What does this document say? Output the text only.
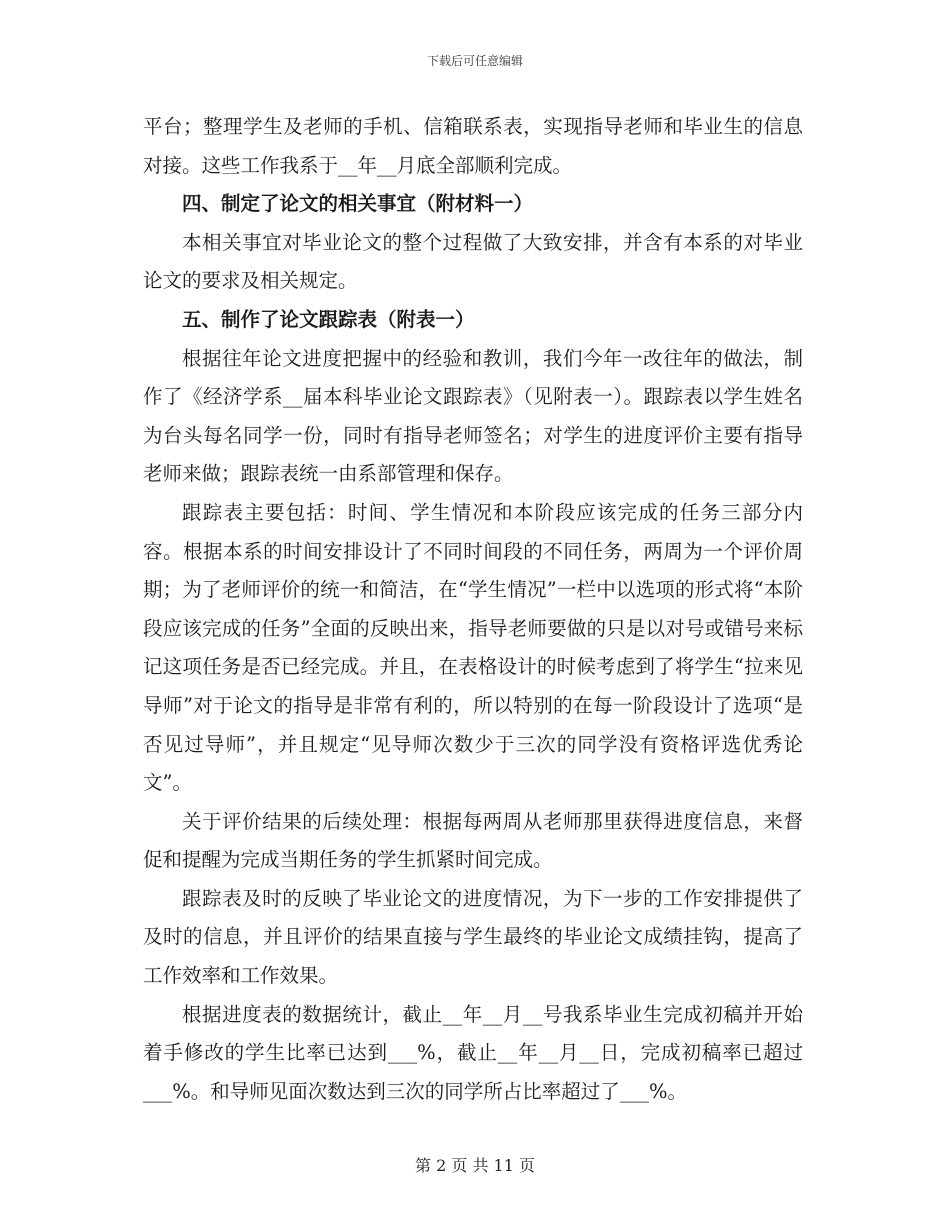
下载后可任意编辑

平台；整理学生及老师的手机、信箱联系表，实现指导老师和毕业生的信息对接。这些工作我系于__年__月底全部顺利完成。

四、制定了论文的相关事宜（附材料一）

本相关事宜对毕业论文的整个过程做了大致安排，并含有本系的对毕业论文的要求及相关规定。

五、制作了论文跟踪表（附表一）

根据往年论文进度把握中的经验和教训，我们今年一改往年的做法，制作了《经济学系__届本科毕业论文跟踪表》（见附表一）。跟踪表以学生姓名为台头每名同学一份，同时有指导老师签名；对学生的进度评价主要有指导老师来做；跟踪表统一由系部管理和保存。

跟踪表主要包括：时间、学生情况和本阶段应该完成的任务三部分内容。根据本系的时间安排设计了不同时间段的不同任务，两周为一个评价周期；为了老师评价的统一和简洁，在“学生情况”一栏中以选项的形式将“本阶段应该完成的任务”全面的反映出来，指导老师要做的只是以对号或错号来标记这项任务是否已经完成。并且，在表格设计的时候考虑到了将学生“拉来见导师”对于论文的指导是非常有利的，所以特别的在每一阶段设计了选项“是否见过导师”，并且规定“见导师次数少于三次的同学没有资格评选优秀论文”。

关于评价结果的后续处理：根据每两周从老师那里获得进度信息，来督促和提醒为完成当期任务的学生抓紧时间完成。

跟踪表及时的反映了毕业论文的进度情况，为下一步的工作安排提供了及时的信息，并且评价的结果直接与学生最终的毕业论文成绩挂钩，提高了工作效率和工作效果。

根据进度表的数据统计，截止__年__月__号我系毕业生完成初稿并开始着手修改的学生比率已达到___%，截止__年__月__日，完成初稿率已超过___%。和导师见面次数达到三次的同学所占比率超过了___%。

第 2 页 共 11 页
